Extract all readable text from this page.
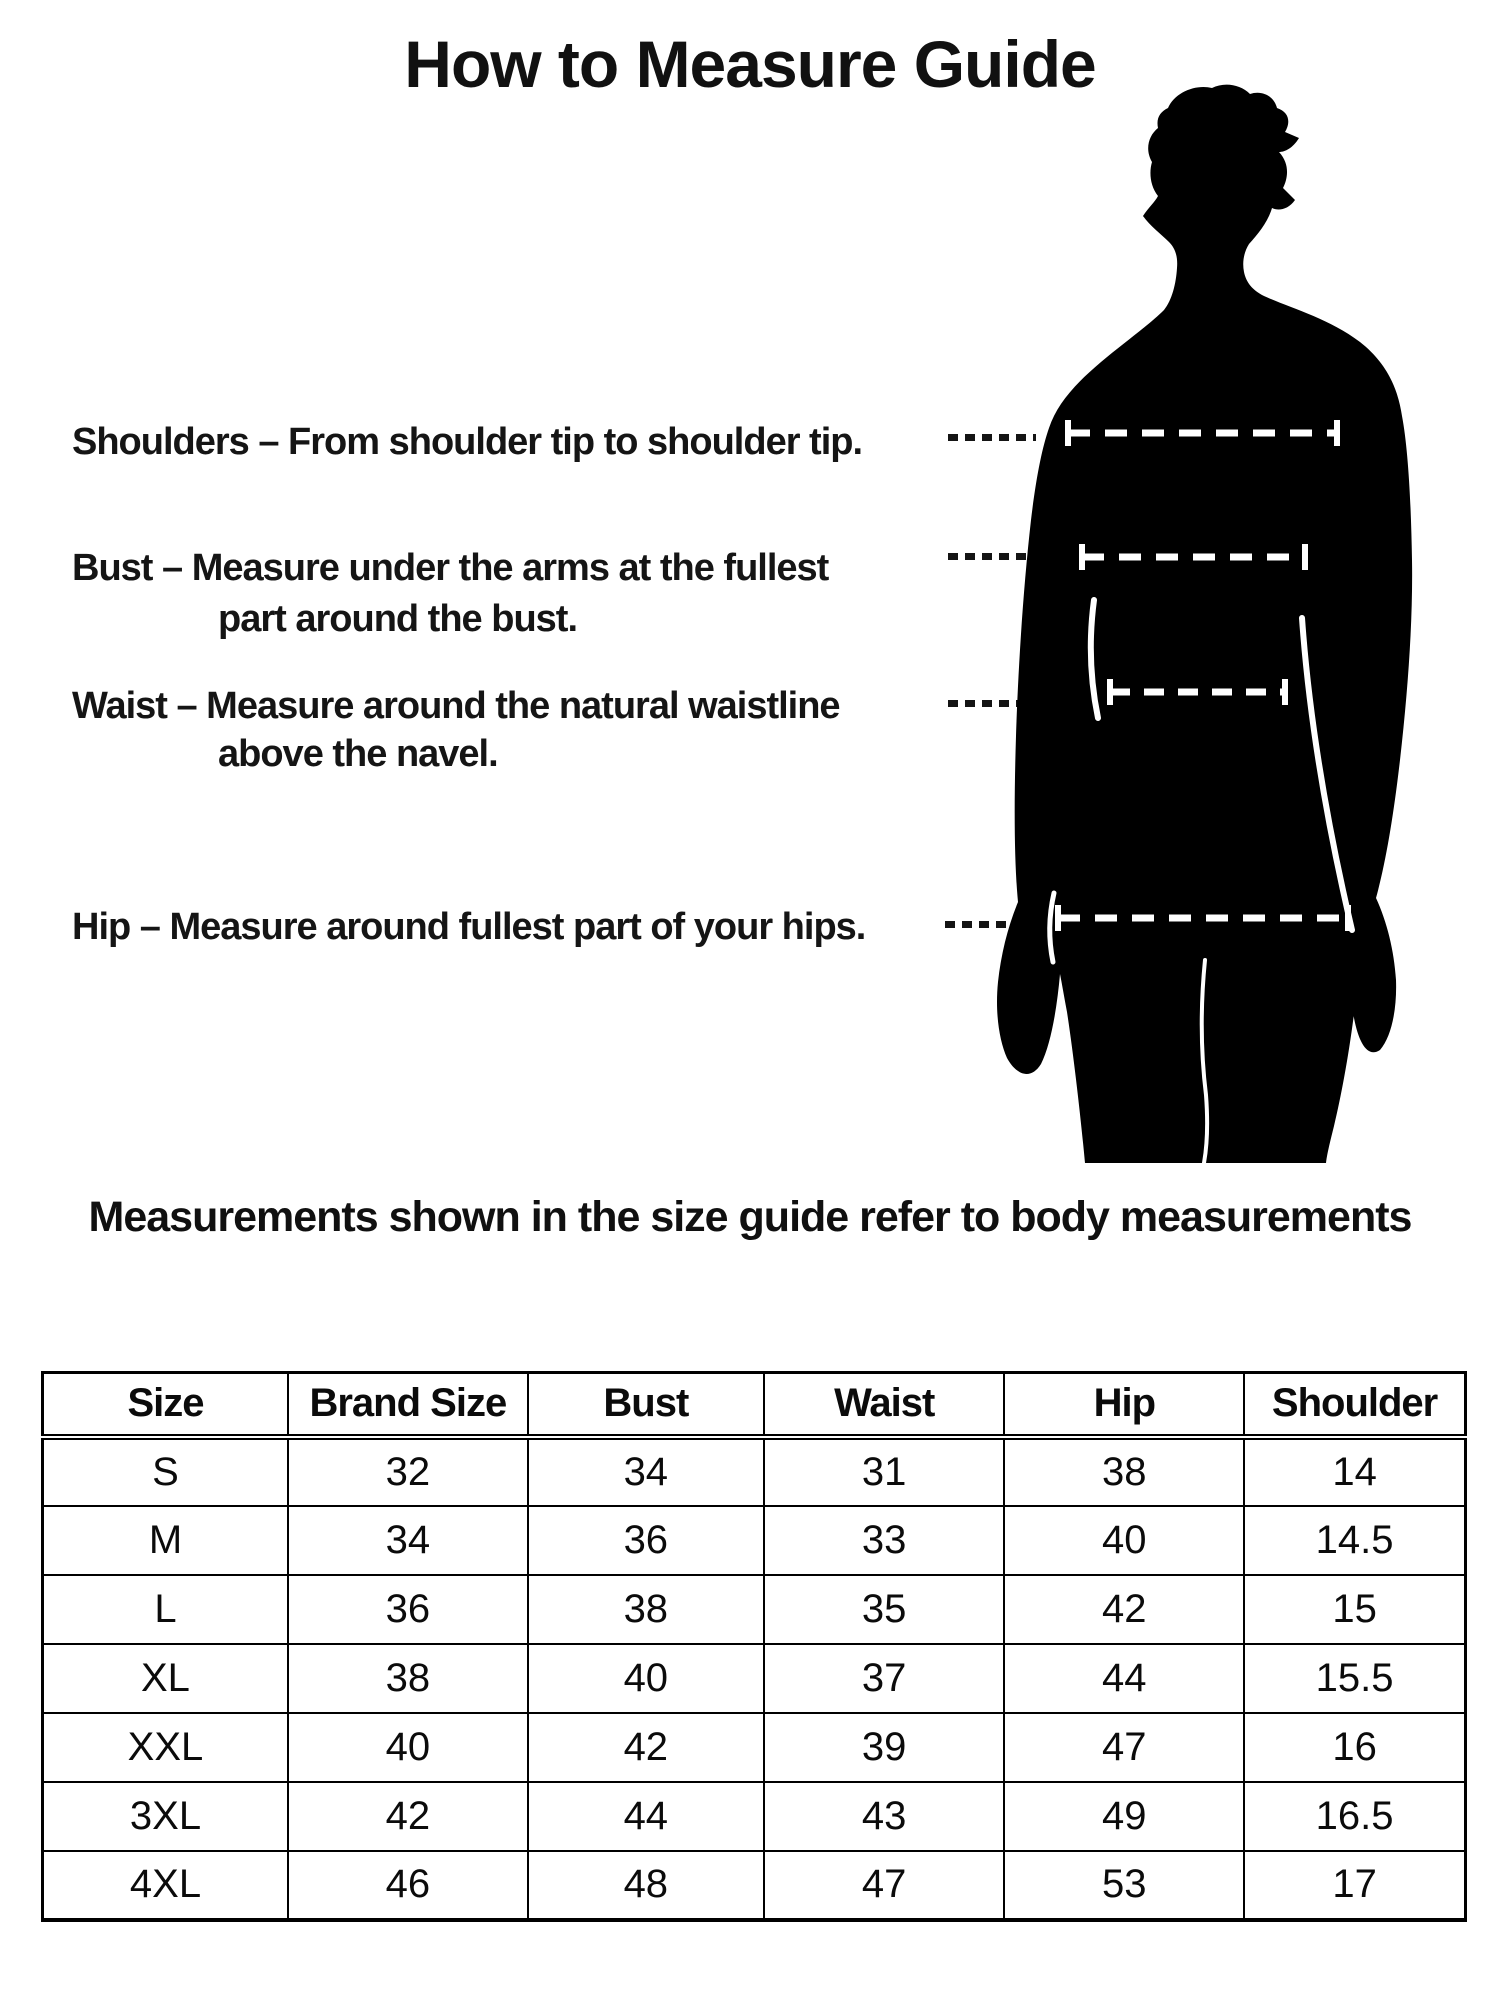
How to Measure Guide
Shoulders – From shoulder tip to shoulder tip.
Bust – Measure under the arms at the fullest
part around the bust.
Waist – Measure around the natural waistline
above the navel.
Hip – Measure around fullest part of your hips.
Measurements shown in the size guide refer to body measurements
Size	Brand Size	Bust	Waist	Hip	Shoulder
S	32	34	31	38	14
M	34	36	33	40	14.5
L	36	38	35	42	15
XL	38	40	37	44	15.5
XXL	40	42	39	47	16
3XL	42	44	43	49	16.5
4XL	46	48	47	53	17
